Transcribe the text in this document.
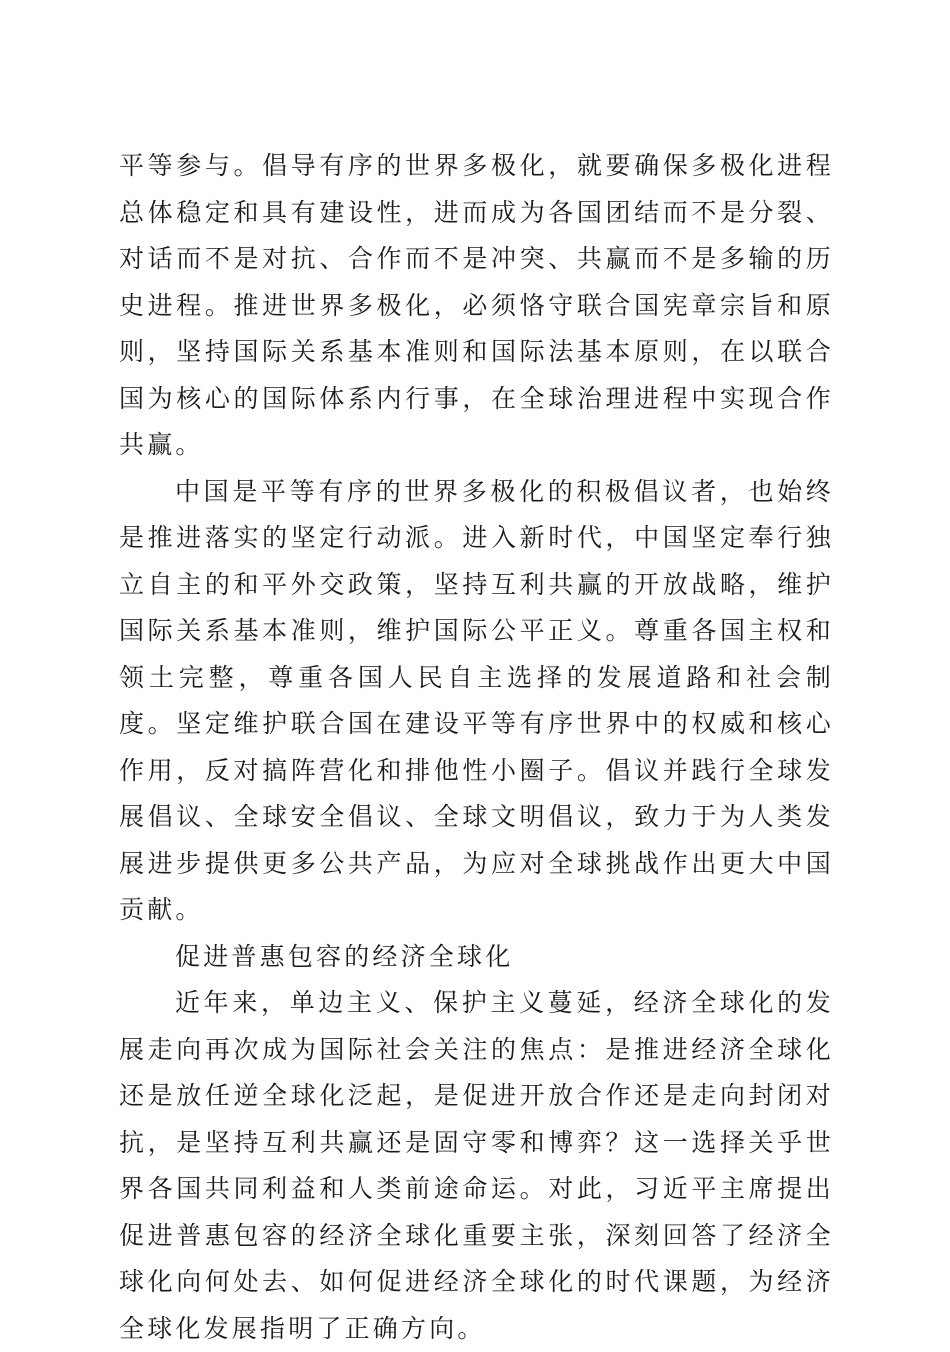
平等参与。倡导有序的世界多极化，就要确保多极化进程总体稳定和具有建设性，进而成为各国团结而不是分裂、对话而不是对抗、合作而不是冲突、共赢而不是多输的历史进程。推进世界多极化，必须恪守联合国宪章宗旨和原则，坚持国际关系基本准则和国际法基本原则，在以联合国为核心的国际体系内行事，在全球治理进程中实现合作共赢。

中国是平等有序的世界多极化的积极倡议者，也始终是推进落实的坚定行动派。进入新时代，中国坚定奉行独立自主的和平外交政策，坚持互利共赢的开放战略，维护国际关系基本准则，维护国际公平正义。尊重各国主权和领土完整，尊重各国人民自主选择的发展道路和社会制度。坚定维护联合国在建设平等有序世界中的权威和核心作用，反对搞阵营化和排他性小圈子。倡议并践行全球发展倡议、全球安全倡议、全球文明倡议，致力于为人类发展进步提供更多公共产品，为应对全球挑战作出更大中国贡献。

促进普惠包容的经济全球化

近年来，单边主义、保护主义蔓延，经济全球化的发展走向再次成为国际社会关注的焦点：是推进经济全球化还是放任逆全球化泛起，是促进开放合作还是走向封闭对抗，是坚持互利共赢还是固守零和博弈？这一选择关乎世界各国共同利益和人类前途命运。对此，习近平主席提出促进普惠包容的经济全球化重要主张，深刻回答了经济全球化向何处去、如何促进经济全球化的时代课题，为经济全球化发展指明了正确方向。
